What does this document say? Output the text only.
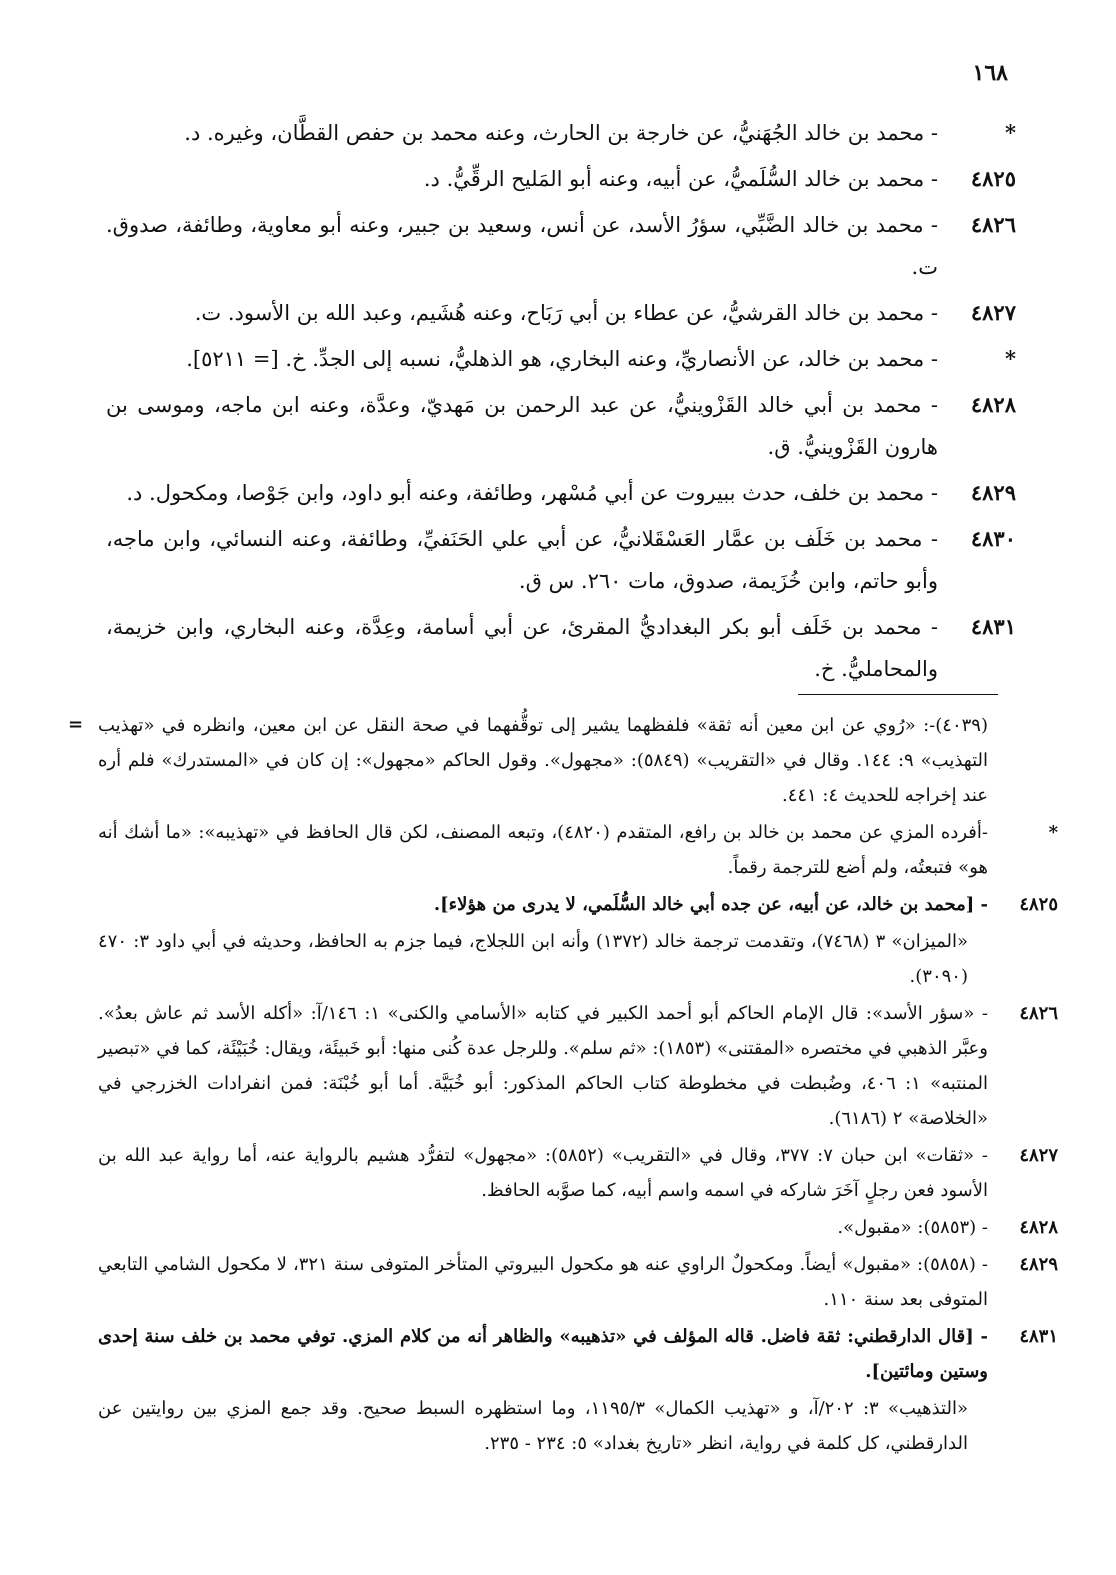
١٦٨
*
- محمد بن خالد الجُهَنيُّ، عن خارجة بن الحارث، وعنه محمد بن حفص القطَّان، وغيره. د.
٤٨٢٥
- محمد بن خالد السُّلَميُّ، عن أبيه، وعنه أبو المَليح الرقِّيُّ. د.
٤٨٢٦
- محمد بن خالد الضَّبِّي، سؤرُ الأسد، عن أنس، وسعيد بن جبير، وعنه أبو معاوية، وطائفة، صدوق. ت.
٤٨٢٧
- محمد بن خالد القرشيُّ، عن عطاء بن أبي رَبَاح، وعنه هُشَيم، وعبد الله بن الأسود. ت.
*
- محمد بن خالد، عن الأنصاريِّ، وعنه البخاري، هو الذهليُّ، نسبه إلى الجدِّ. خ. [= ٥٢١١].
٤٨٢٨
- محمد بن أبي خالد القَزْوينيُّ، عن عبد الرحمن بن مَهديّ، وعدَّة، وعنه ابن ماجه، وموسى بن هارون القَزْوينيُّ. ق.
٤٨٢٩
- محمد بن خلف، حدث ببيروت عن أبي مُسْهر، وطائفة، وعنه أبو داود، وابن جَوْصا، ومكحول. د.
٤٨٣٠
- محمد بن خَلَف بن عمَّار العَسْقَلانيُّ، عن أبي علي الحَنَفيِّ، وطائفة، وعنه النسائي، وابن ماجه، وأبو حاتم، وابن خُزَيمة، صدوق، مات ٢٦٠. س ق.
٤٨٣١
- محمد بن خَلَف أبو بكر البغداديُّ المقرئ، عن أبي أسامة، وعِدَّة، وعنه البخاري، وابن خزيمة، والمحامليُّ. خ.
= (٤٠٣٩)-: «رُوي عن ابن معين أنه ثقة» فلفظهما يشير إلى توقُّفهما في صحة النقل عن ابن معين، وانظره في «تهذيب التهذيب» ٩: ١٤٤. وقال في «التقريب» (٥٨٤٩): «مجهول». وقول الحاكم «مجهول»: إن كان في «المستدرك» فلم أره عند إخراجه للحديث ٤: ٤٤١.
*
-أفرده المزي عن محمد بن خالد بن رافع، المتقدم (٤٨٢٠)، وتبعه المصنف، لكن قال الحافظ في «تهذيبه»: «ما أشك أنه هو» فتبعتُه، ولم أضع للترجمة رقماً.
٤٨٢٥
- [محمد بن خالد، عن أبيه، عن جده أبي خالد السُّلَمي، لا يدرى من هؤلاء].
«الميزان» ٣ (٧٤٦٨)، وتقدمت ترجمة خالد (١٣٧٢) وأنه ابن اللجلاج، فيما جزم به الحافظ، وحديثه في أبي داود ٣: ٤٧٠ (٣٠٩٠).
٤٨٢٦
- «سؤر الأسد»: قال الإمام الحاكم أبو أحمد الكبير في كتابه «الأسامي والكنى» ١: ١٤٦/آ: «أكله الأسد ثم عاش بعدُ». وعبَّر الذهبي في مختصره «المقتنى» (١٨٥٣): «ثم سلم». وللرجل عدة كُنى منها: أبو خَبيئَة، ويقال: خُبَيْئَة، كما في «تبصير المنتبه» ١: ٤٠٦، وضُبطت في مخطوطة كتاب الحاكم المذكور: أبو خُبَيَّة. أما أبو خُبْنَة: فمن انفرادات الخزرجي في «الخلاصة» ٢ (٦١٨٦).
٤٨٢٧
- «ثقات» ابن حبان ٧: ٣٧٧، وقال في «التقريب» (٥٨٥٢): «مجهول» لتفرُّد هشيم بالرواية عنه، أما رواية عبد الله بن الأسود فعن رجلٍ آخَرَ شاركه في اسمه واسم أبيه، كما صوَّبه الحافظ.
٤٨٢٨
- (٥٨٥٣): «مقبول».
٤٨٢٩
- (٥٨٥٨): «مقبول» أيضاً. ومكحولٌ الراوي عنه هو مكحول البيروتي المتأخر المتوفى سنة ٣٢١، لا مكحول الشامي التابعي المتوفى بعد سنة ١١٠.
٤٨٣١
- [قال الدارقطني: ثقة فاضل. قاله المؤلف في «تذهيبه» والظاهر أنه من كلام المزي. توفي محمد بن خلف سنة إحدى وستين ومائتين].
«التذهيب» ٣: ٢٠٢/آ، و «تهذيب الكمال» ١١٩٥/٣، وما استظهره السبط صحيح. وقد جمع المزي بين روايتين عن الدارقطني، كل كلمة في رواية، انظر «تاريخ بغداد» ٥: ٢٣٤ - ٢٣٥.
